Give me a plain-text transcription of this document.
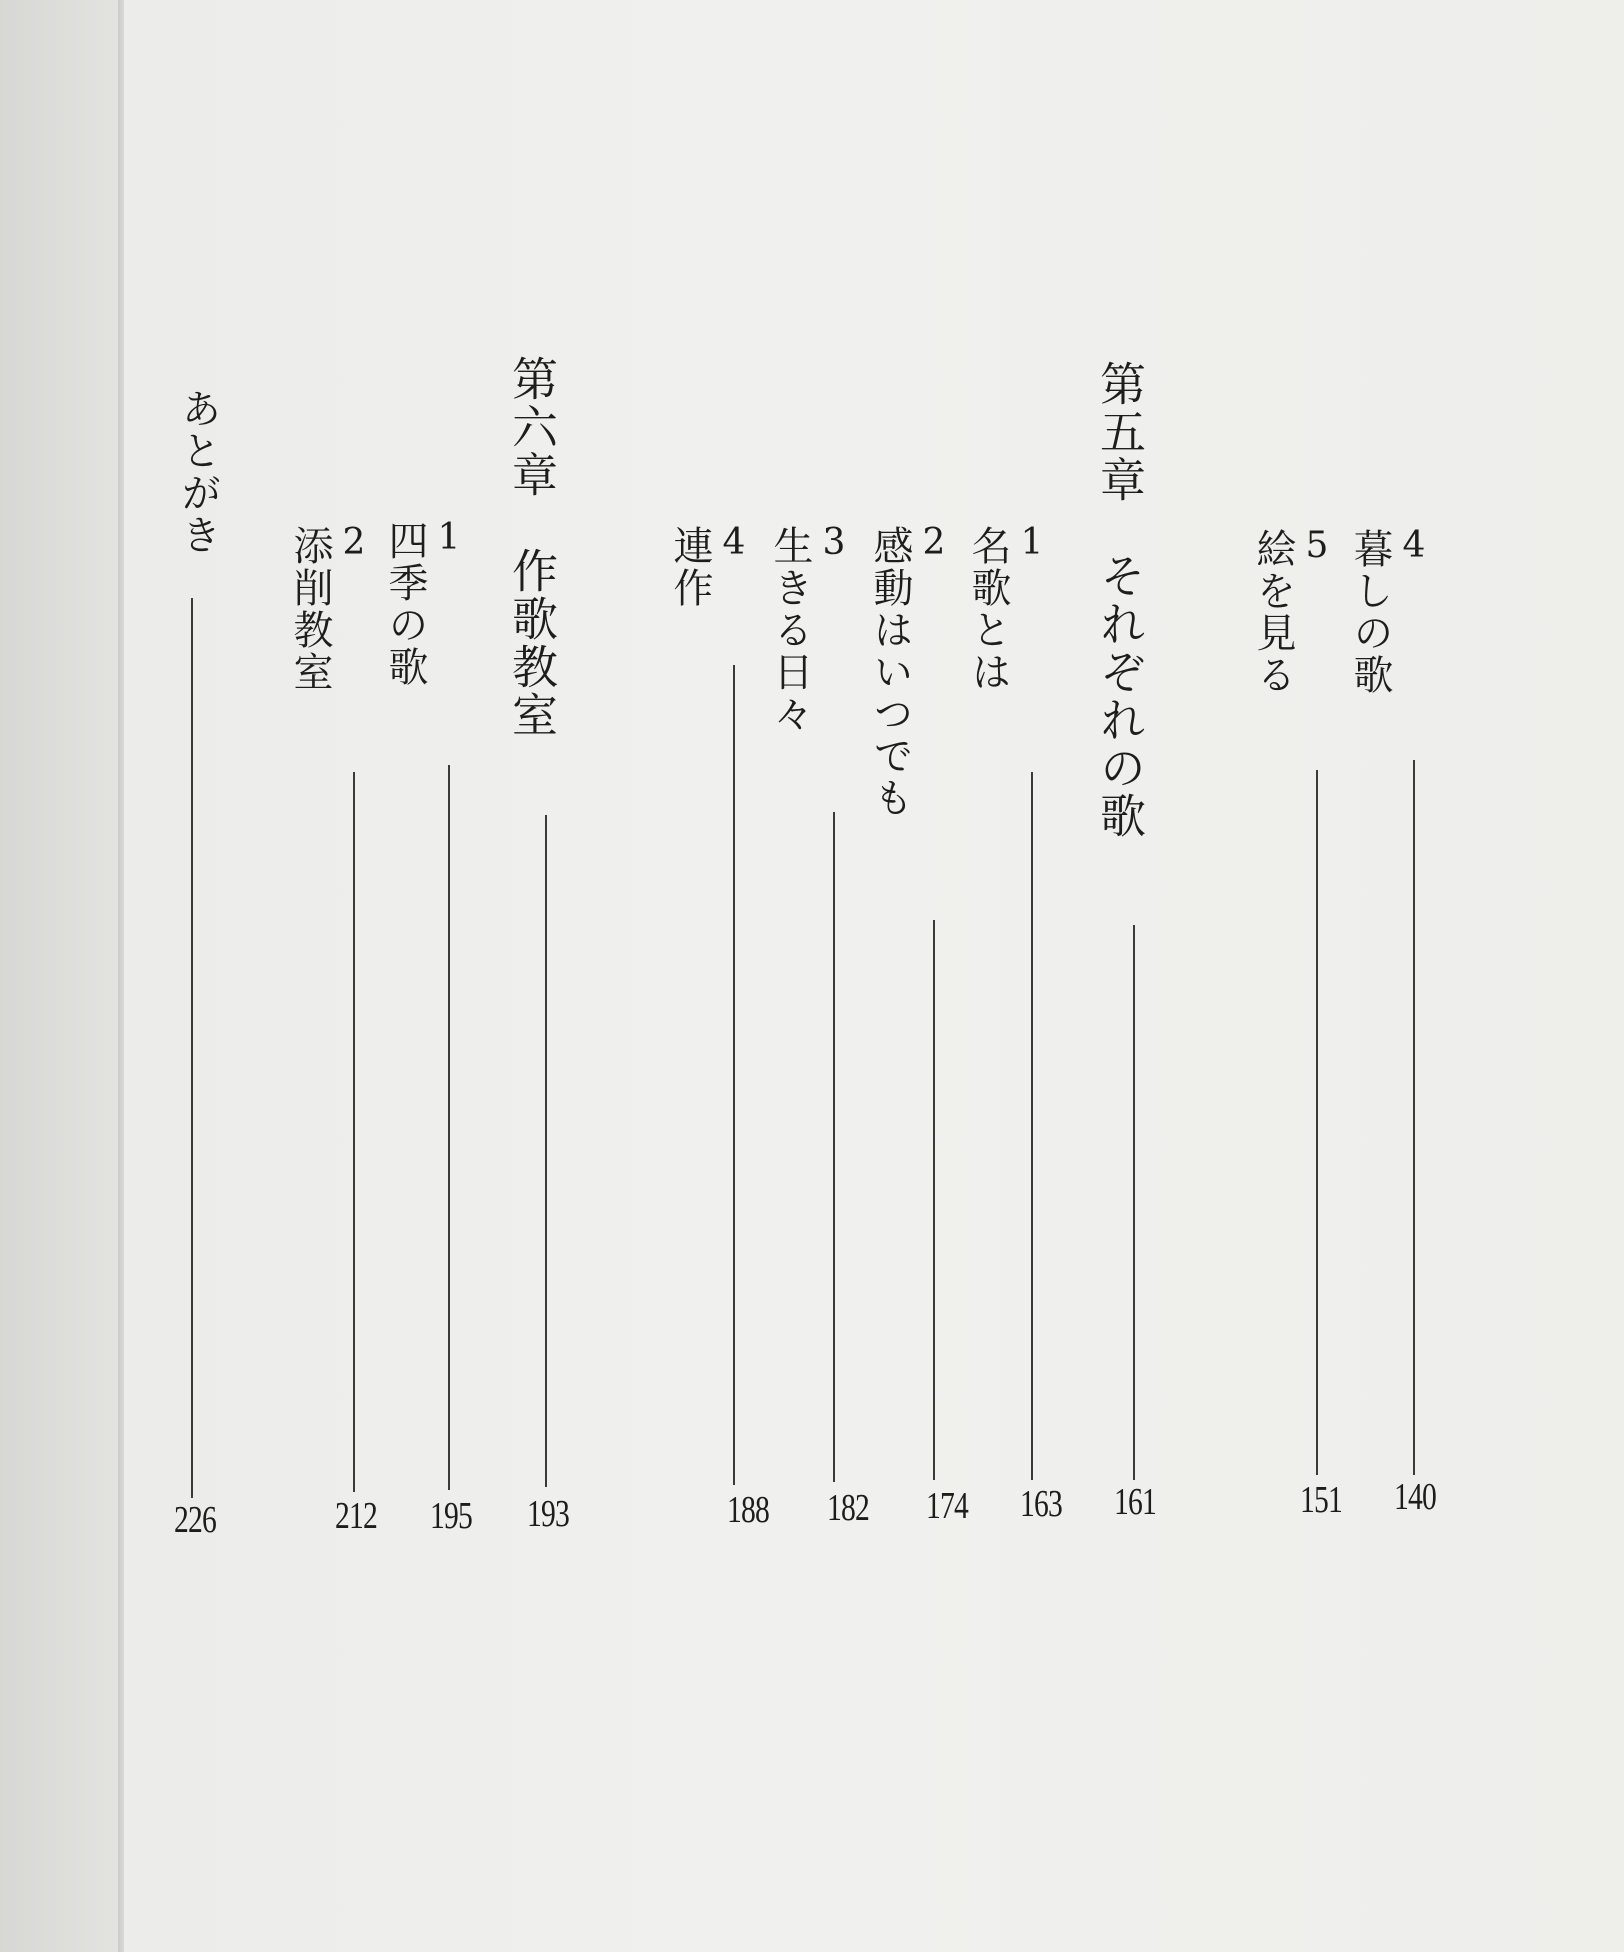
4
暮しの歌
140
5
絵を見る
151
第五章　それぞれの歌
161
1
名歌とは
163
2
感動はいつでも
174
3
生きる日々
182
4
連作
188
第六章　作歌教室
193
1
四季の歌
195
2
添削教室
212
あとがき
226
